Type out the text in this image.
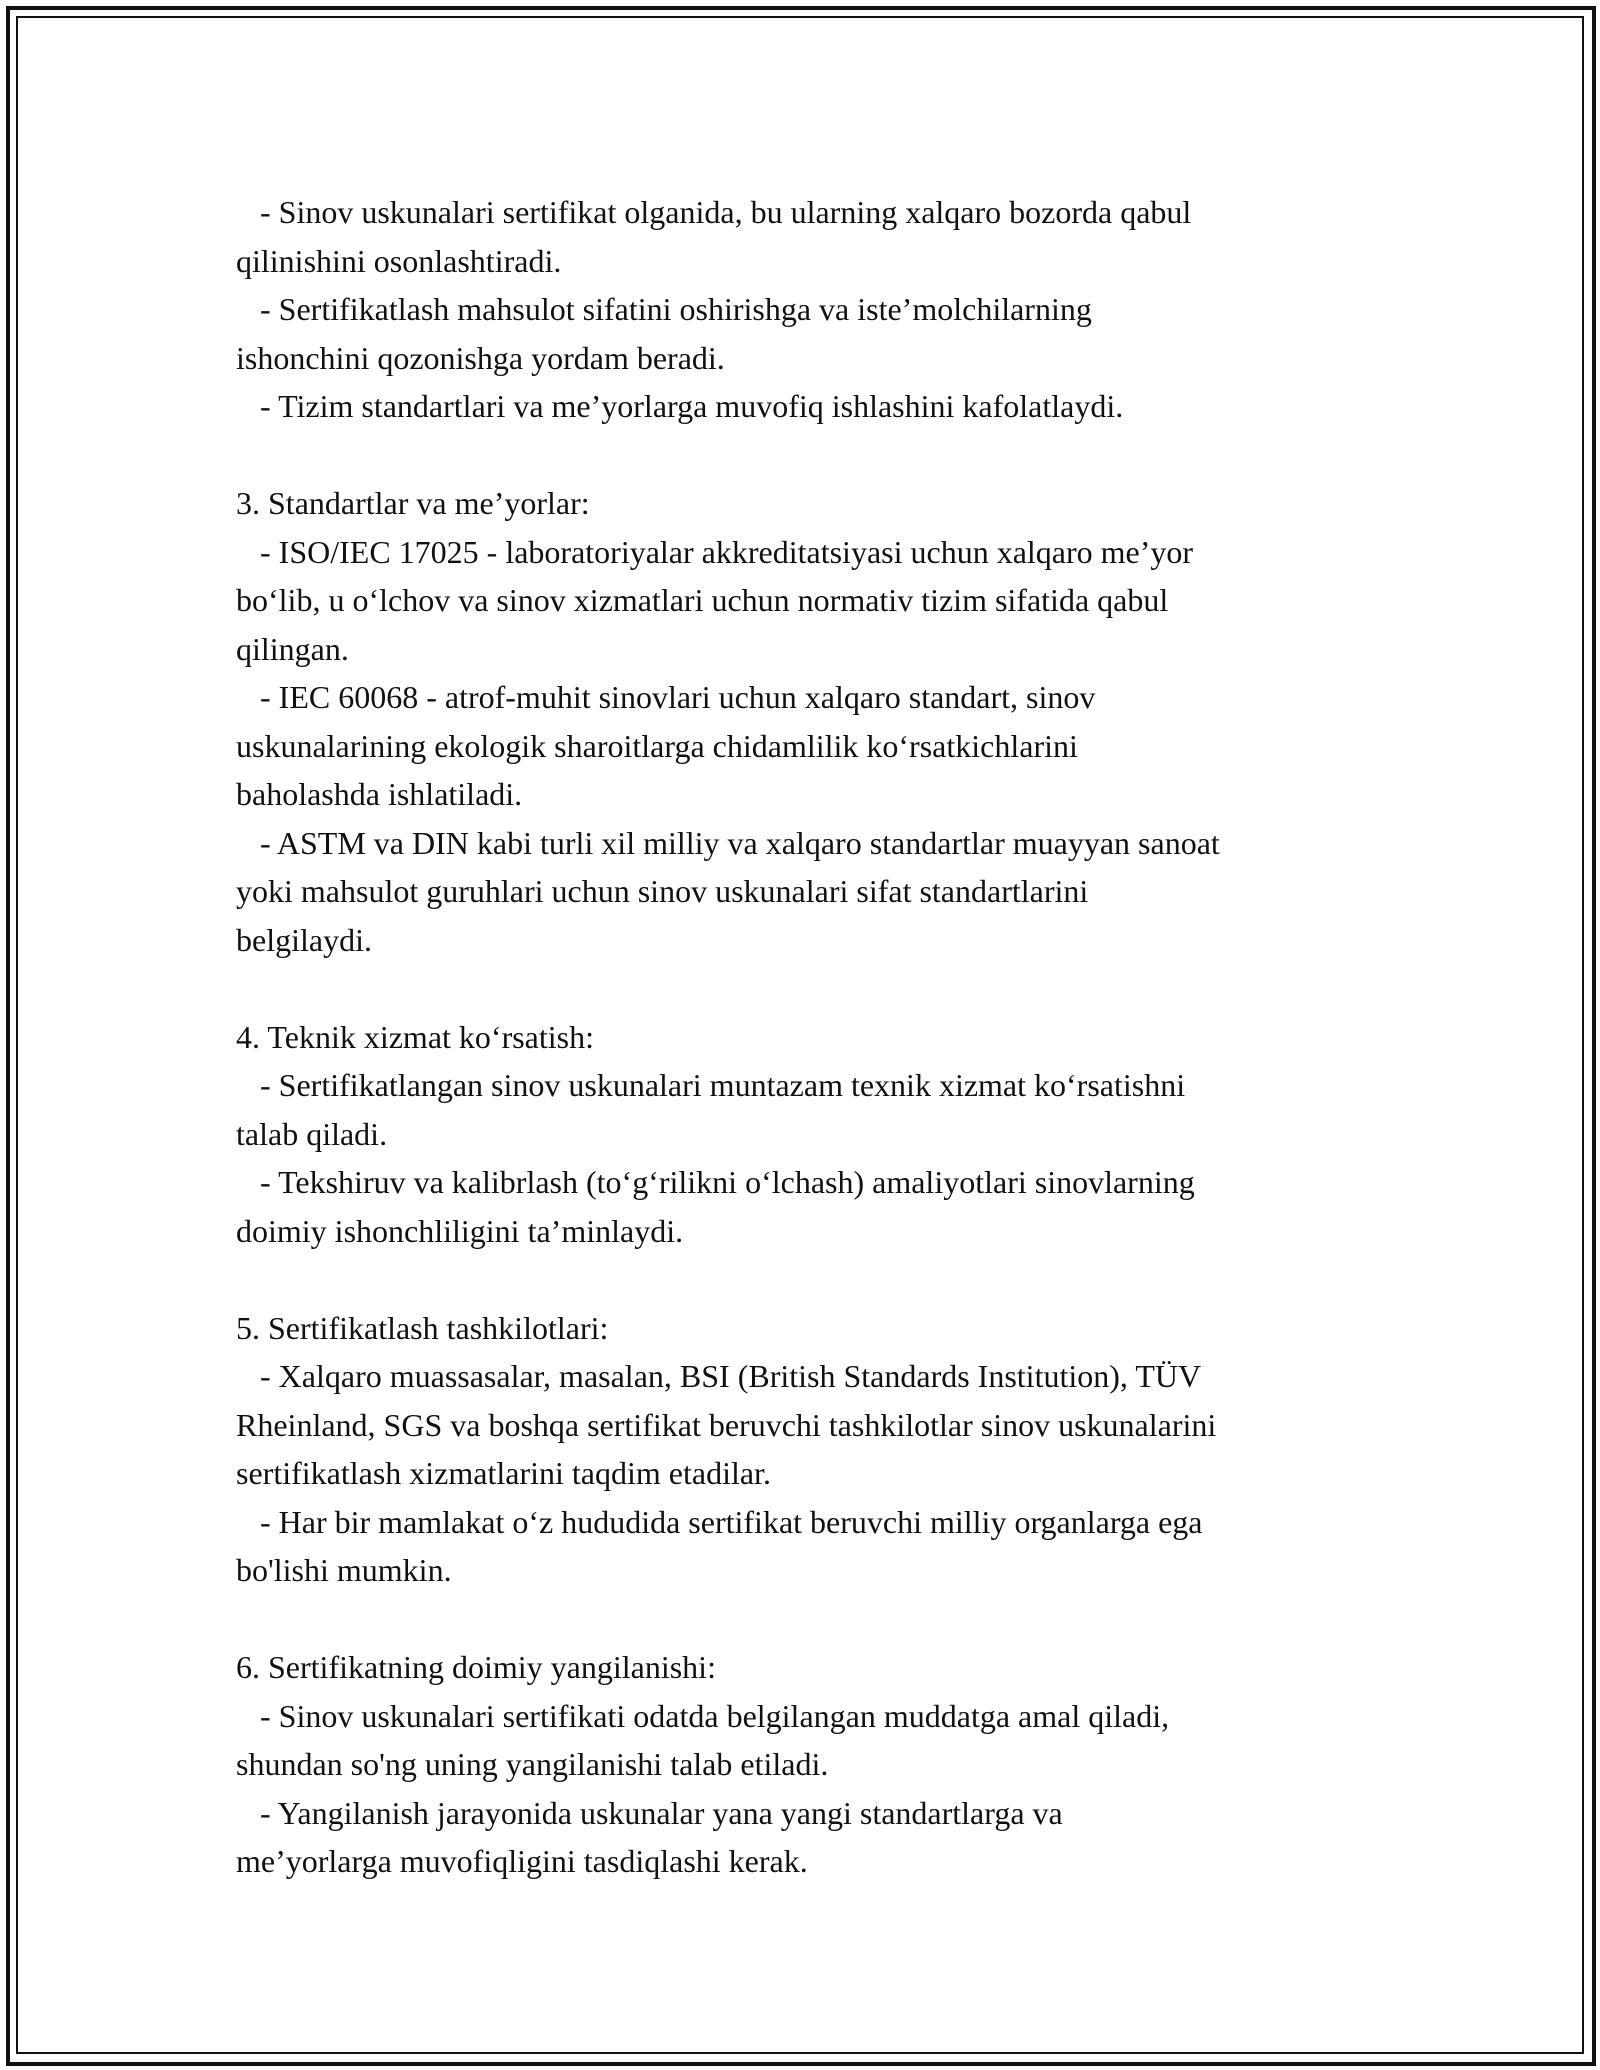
- Sinov uskunalari sertifikat olganida, bu ularning xalqaro bozorda qabul
qilinishini osonlashtiradi.
- Sertifikatlash mahsulot sifatini oshirishga va iste’molchilarning
ishonchini qozonishga yordam beradi.
- Tizim standartlari va me’yorlarga muvofiq ishlashini kafolatlaydi.
3. Standartlar va me’yorlar:
- ISO/IEC 17025 - laboratoriyalar akkreditatsiyasi uchun xalqaro me’yor
bo‘lib, u o‘lchov va sinov xizmatlari uchun normativ tizim sifatida qabul
qilingan.
- IEC 60068 - atrof-muhit sinovlari uchun xalqaro standart, sinov
uskunalarining ekologik sharoitlarga chidamlilik ko‘rsatkichlarini
baholashda ishlatiladi.
- ASTM va DIN kabi turli xil milliy va xalqaro standartlar muayyan sanoat
yoki mahsulot guruhlari uchun sinov uskunalari sifat standartlarini
belgilaydi.
4. Teknik xizmat ko‘rsatish:
- Sertifikatlangan sinov uskunalari muntazam texnik xizmat ko‘rsatishni
talab qiladi.
- Tekshiruv va kalibrlash (to‘g‘rilikni o‘lchash) amaliyotlari sinovlarning
doimiy ishonchliligini ta’minlaydi.
5. Sertifikatlash tashkilotlari:
- Xalqaro muassasalar, masalan, BSI (British Standards Institution), TÜV
Rheinland, SGS va boshqa sertifikat beruvchi tashkilotlar sinov uskunalarini
sertifikatlash xizmatlarini taqdim etadilar.
- Har bir mamlakat o‘z hududida sertifikat beruvchi milliy organlarga ega
bo'lishi mumkin.
6. Sertifikatning doimiy yangilanishi:
- Sinov uskunalari sertifikati odatda belgilangan muddatga amal qiladi,
shundan so'ng uning yangilanishi talab etiladi.
- Yangilanish jarayonida uskunalar yana yangi standartlarga va
me’yorlarga muvofiqligini tasdiqlashi kerak.
